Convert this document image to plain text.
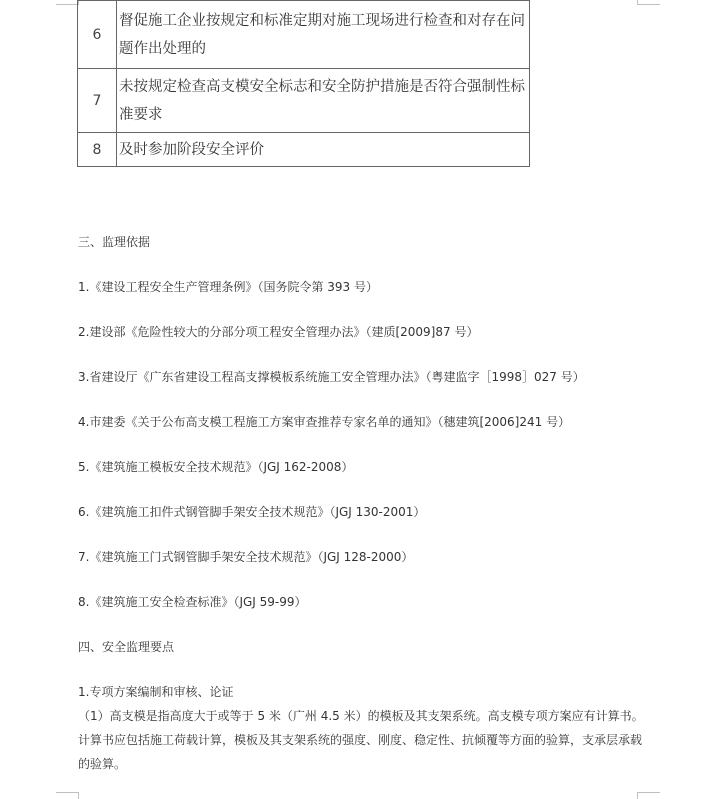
6	督促施工企业按规定和标准定期对施工现场进行检查和对存在问题作出处理的
7	未按规定检查高支模安全标志和安全防护措施是否符合强制性标准要求
8	及时参加阶段安全评价
三、监理依据
1.《建设工程安全生产管理条例》（国务院令第 393 号）
2.建设部《危险性较大的分部分项工程安全管理办法》（建质[2009]87 号）
3.省建设厅《广东省建设工程高支撑模板系统施工安全管理办法》（粤建监字［1998］027 号）
4.市建委《关于公布高支模工程施工方案审查推荐专家名单的通知》（穗建筑[2006]241 号）
5.《建筑施工模板安全技术规范》（JGJ 162-2008）
6.《建筑施工扣件式钢管脚手架安全技术规范》（JGJ 130-2001）
7.《建筑施工门式钢管脚手架安全技术规范》（JGJ 128-2000）
8.《建筑施工安全检查标准》（JGJ 59-99）
四、安全监理要点
1.专项方案编制和审核、论证
（1）高支模是指高度大于或等于 5 米（广州 4.5 米）的模板及其支架系统。高支模专项方案应有计算书。计算书应包括施工荷载计算，模板及其支架系统的强度、刚度、稳定性、抗倾覆等方面的验算，支承层承载的验算。
